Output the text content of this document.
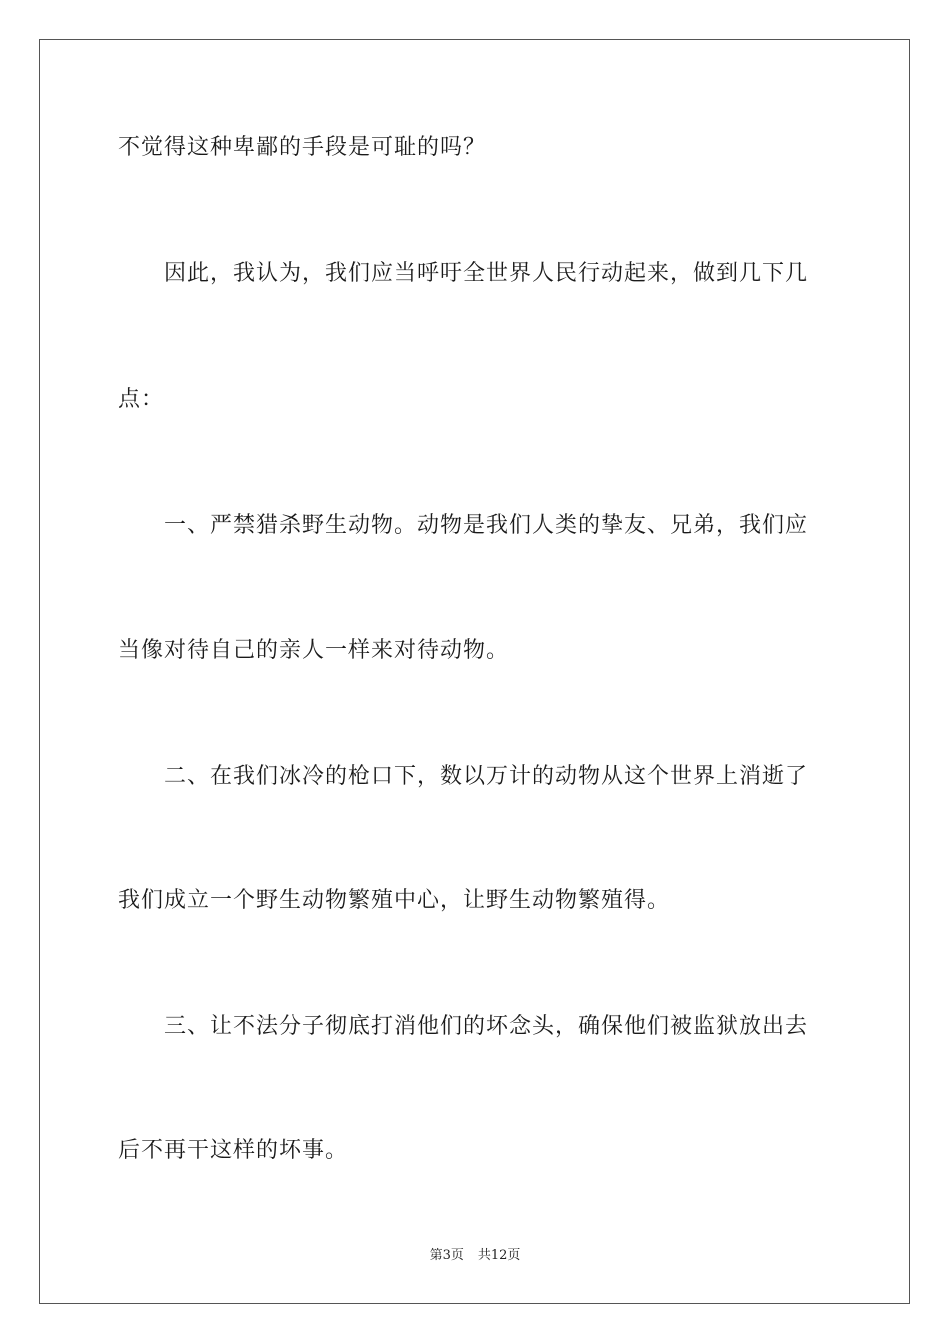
不觉得这种卑鄙的手段是可耻的吗？
因此，我认为，我们应当呼吁全世界人民行动起来，做到几下几
点：
一、严禁猎杀野生动物。动物是我们人类的挚友、兄弟，我们应
当像对待自己的亲人一样来对待动物。
二、在我们冰冷的枪口下，数以万计的动物从这个世界上消逝了
我们成立一个野生动物繁殖中心，让野生动物繁殖得。
三、让不法分子彻底打消他们的坏念头，确保他们被监狱放出去
后不再干这样的坏事。
第3页 共12页
